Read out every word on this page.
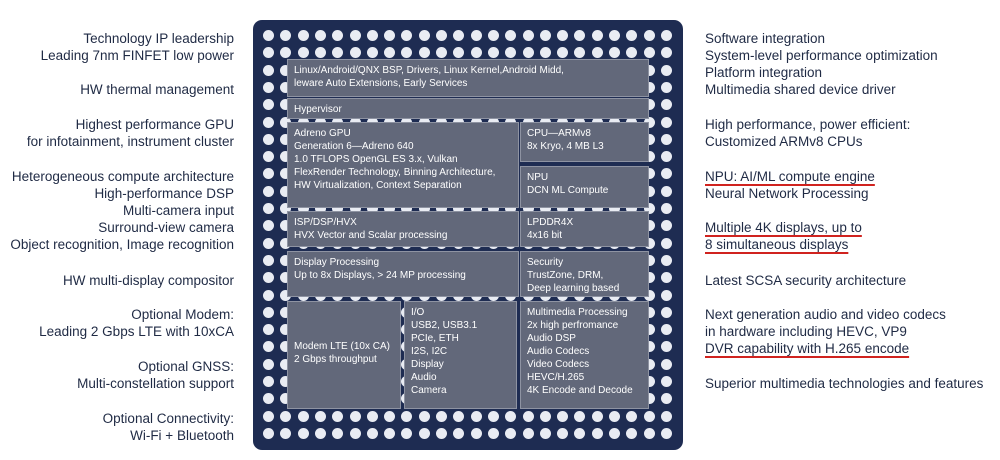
Technology IP leadership
Leading 7nm FINFET low power
HW thermal management
Highest performance GPU
for infotainment, instrument cluster
Heterogeneous compute architecture
High-performance DSP
Multi-camera input
Surround-view camera
Object recognition, Image recognition
HW multi-display compositor
Optional Modem:
Leading 2 Gbps LTE with 10xCA
Optional GNSS:
Multi-constellation support
Optional Connectivity:
Wi-Fi + Bluetooth
Software integration
System-level performance optimization
Platform integration
Multimedia shared device driver
High performance, power efficient:
Customized ARMv8 CPUs
NPU: AI/ML compute engine
Neural Network Processing
Multiple 4K displays, up to
8 simultaneous displays
Latest SCSA security architecture
Next generation audio and video codecs
in hardware including HEVC, VP9
DVR capability with H.265 encode
Superior multimedia technologies and features
Linux/Android/QNX BSP, Drivers, Linux Kernel,Android Midd,
leware Auto Extensions, Early Services
Hypervisor
Adreno GPU
Generation 6—Adreno 640
1.0 TFLOPS OpenGL ES 3.x, Vulkan
FlexRender Technology, Binning Architecture,
HW Virtualization, Context Separation
CPU—ARMv8
8x Kryo, 4 MB L3
NPU
DCN ML Compute
ISP/DSP/HVX
HVX Vector and Scalar processing
LPDDR4X
4x16 bit
Display Processing
Up to 8x Displays, > 24 MP processing
Security
TrustZone, DRM,
Deep learning based
Modem LTE (10x CA)
2 Gbps throughput
I/O
USB2, USB3.1
PCIe, ETH
I2S, I2C
Display
Audio
Camera
Multimedia Processing
2x high perfromance
Audio DSP
Audio Codecs
Video Codecs
HEVC/H.265
4K Encode and Decode
